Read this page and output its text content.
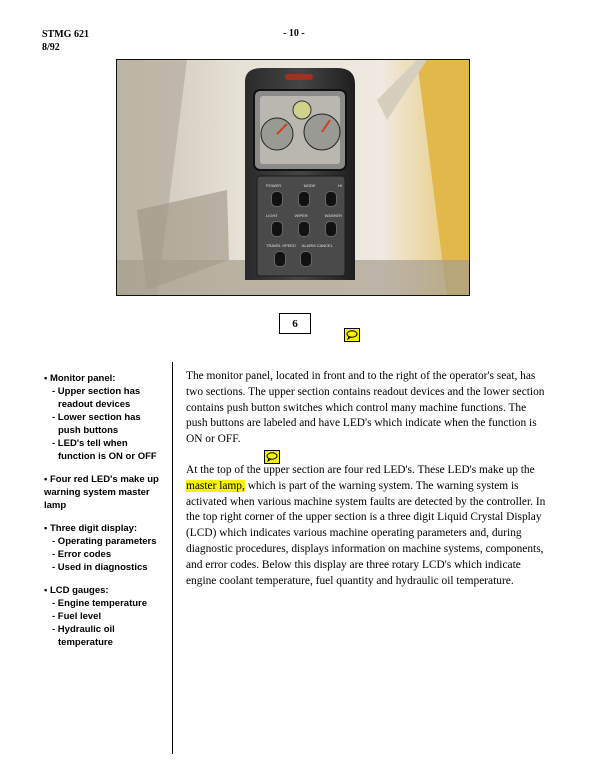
STMG 621
8/92
- 10 -
POWER	MODE	HI
LIGHT	WIPER	WASHER
TRAVEL SPEED ALARM CANCEL
6
• Monitor panel:
- Upper section has readout devices
- Lower section has push buttons
- LED's tell when function is ON or OFF
• Four red LED's make up warning system master lamp
• Three digit display:
- Operating parameters
- Error codes
- Used in diagnostics
• LCD gauges:
- Engine temperature
- Fuel level
- Hydraulic oil temperature

The monitor panel, located in front and to the right of the operator's seat, has two sections. The upper section contains readout devices and the lower section contains push button switches which control many machine functions. The push buttons are labeled and have LED's which indicate when the function is ON or OFF.

At the top of the upper section are four red LED's. These LED's make up the master lamp, which is part of the warning system. The warning system is activated when various machine system faults are detected by the controller. In the top right corner of the upper section is a three digit Liquid Crystal Display (LCD) which indicates various machine operating parameters and, during diagnostic procedures, displays information on machine systems, components, and error codes. Below this display are three rotary LCD's which indicate engine coolant temperature, fuel quantity and hydraulic oil temperature.
